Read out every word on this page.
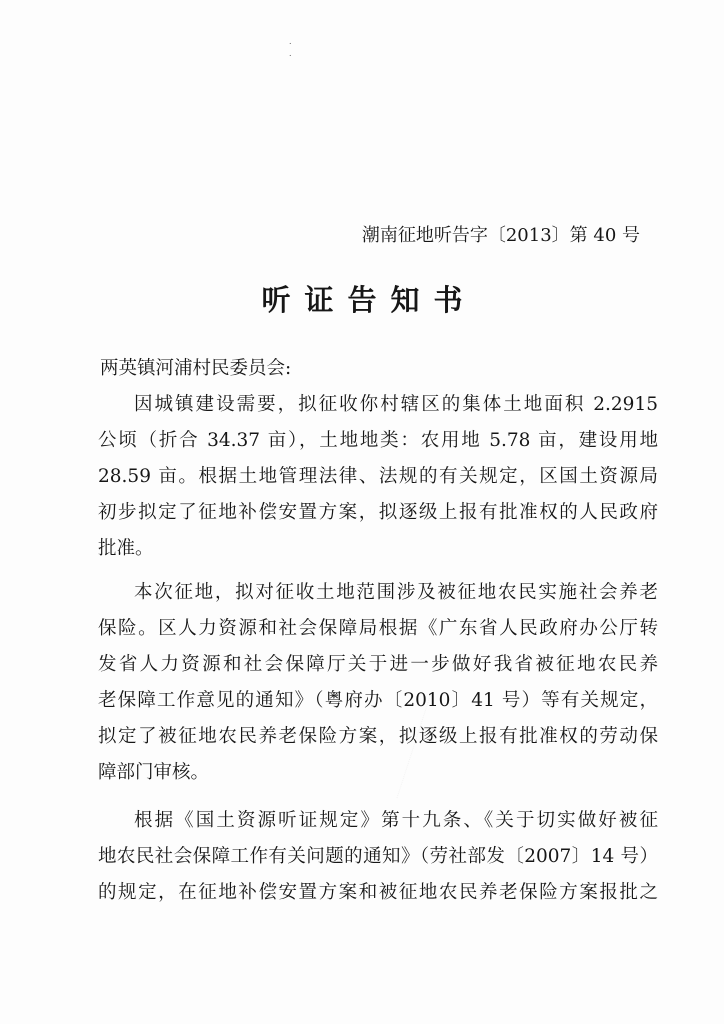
˙ ˙
潮南征地听告字〔2013〕第 40 号
听证告知书
两英镇河浦村民委员会:
因城镇建设需要，拟征收你村辖区的集体土地面积 2.2915
公顷（折合 34.37 亩），土地地类：农用地 5.78 亩，建设用地
28.59 亩。根据土地管理法律、法规的有关规定，区国土资源局
初步拟定了征地补偿安置方案，拟逐级上报有批准权的人民政府
批准。
本次征地，拟对征收土地范围涉及被征地农民实施社会养老
保险。区人力资源和社会保障局根据《广东省人民政府办公厅转
发省人力资源和社会保障厅关于进一步做好我省被征地农民养
老保障工作意见的通知》（粤府办〔2010〕41 号）等有关规定，
拟定了被征地农民养老保险方案，拟逐级上报有批准权的劳动保
障部门审核。
根据《国土资源听证规定》第十九条、《关于切实做好被征
地农民社会保障工作有关问题的通知》（劳社部发〔2007〕14 号）
的规定，在征地补偿安置方案和被征地农民养老保险方案报批之
